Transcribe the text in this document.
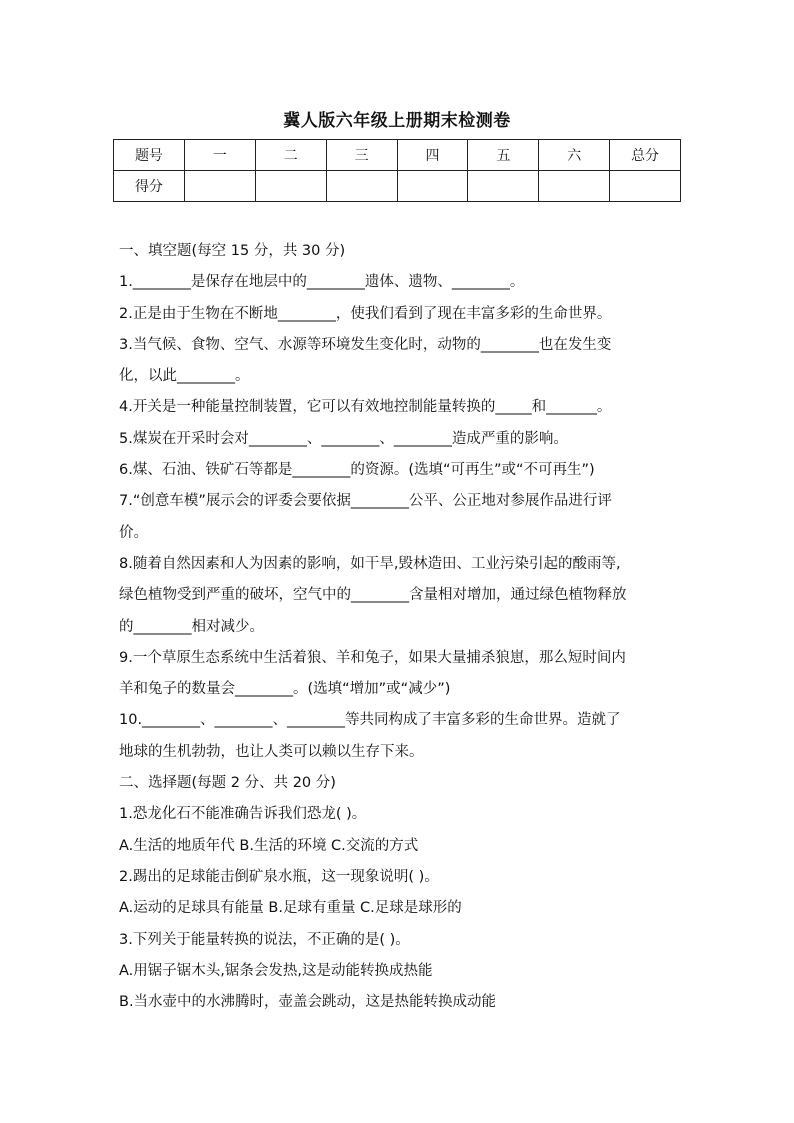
冀人版六年级上册期末检测卷
题号	一	二	三	四	五	六	总分
得分							
一、填空题(每空 15 分，共 30 分)
1.________是保存在地层中的________遗体、遗物、________。
2.正是由于生物在不断地________，使我们看到了现在丰富多彩的生命世界。
3.当气候、食物、空气、水源等环境发生变化时，动物的________也在发生变
化，以此________。
4.开关是一种能量控制装置，它可以有效地控制能量转换的_____和_______。
5.煤炭在开采时会对________、________、________造成严重的影响。
6.煤、石油、铁矿石等都是________的资源。(选填“可再生”或“不可再生”)
7.“创意车模”展示会的评委会要依据________公平、公正地对参展作品进行评
价。
8.随着自然因素和人为因素的影响，如干旱,毁林造田、工业污染引起的酸雨等,
绿色植物受到严重的破坏，空气中的________含量相对增加，通过绿色植物释放
的________相对减少。
9.一个草原生态系统中生活着狼、羊和兔子，如果大量捕杀狼崽，那么短时间内
羊和兔子的数量会________。(选填“增加”或“减少”)
10.________、________、________等共同构成了丰富多彩的生命世界。造就了
地球的生机勃勃，也让人类可以赖以生存下来。
二、选择题(每题 2 分、共 20 分)
1.恐龙化石不能准确告诉我们恐龙( )。
A.生活的地质年代 B.生活的环境 C.交流的方式
2.踢出的足球能击倒矿泉水瓶，这一现象说明( )。
A.运动的足球具有能量 B.足球有重量 C.足球是球形的
3.下列关于能量转换的说法，不正确的是( )。
A.用锯子锯木头,锯条会发热,这是动能转换成热能
B.当水壶中的水沸腾时，壶盖会跳动，这是热能转换成动能
